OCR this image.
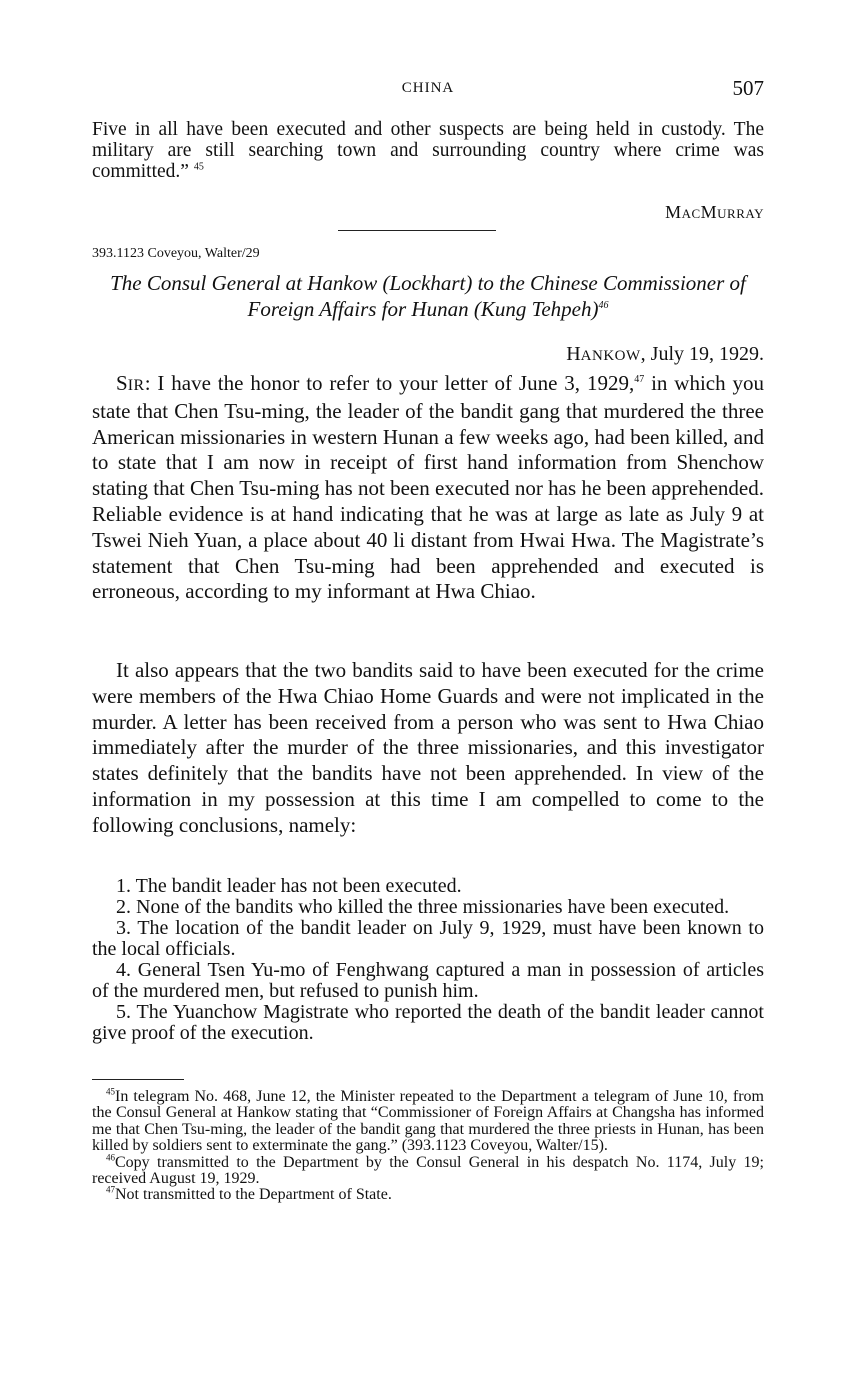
CHINA	507
Five in all have been executed and other suspects are being held in custody. The military are still searching town and surrounding country where crime was committed.” $^{45}$
MACMURRAY
393.1123 Coveyou, Walter/29
The Consul General at Hankow (Lockhart) to the Chinese Commissioner of Foreign Affairs for Hunan (Kung Tehpeh)$^{46}$
HANKOW, July 19, 1929.
SIR: I have the honor to refer to your letter of June 3, 1929,47 in which you state that Chen Tsu-ming, the leader of the bandit gang that murdered the three American missionaries in western Hunan a few weeks ago, had been killed, and to state that I am now in receipt of first hand information from Shenchow stating that Chen Tsu-ming has not been executed nor has he been apprehended. Reliable evidence is at hand indicating that he was at large as late as July 9 at Tswei Nieh Yuan, a place about 40 li distant from Hwai Hwa. The Magistrate’s statement that Chen Tsu-ming had been apprehended and executed is erroneous, according to my informant at Hwa Chiao.
It also appears that the two bandits said to have been executed for the crime were members of the Hwa Chiao Home Guards and were not implicated in the murder. A letter has been received from a person who was sent to Hwa Chiao immediately after the murder of the three missionaries, and this investigator states definitely that the bandits have not been apprehended. In view of the information in my possession at this time I am compelled to come to the following conclusions, namely:
1. The bandit leader has not been executed.
2. None of the bandits who killed the three missionaries have been executed.
3. The location of the bandit leader on July 9, 1929, must have been known to the local officials.
4. General Tsen Yu-mo of Fenghwang captured a man in possession of articles of the murdered men, but refused to punish him.
5. The Yuanchow Magistrate who reported the death of the bandit leader cannot give proof of the execution.
$^{45}$In telegram No. 468, June 12, the Minister repeated to the Department a telegram of June 10, from the Consul General at Hankow stating that “Commissioner of Foreign Affairs at Changsha has informed me that Chen Tsu-ming, the leader of the bandit gang that murdered the three priests in Hunan, has been killed by soldiers sent to exterminate the gang.” (393.1123 Coveyou, Walter/15).
$^{46}$Copy transmitted to the Department by the Consul General in his despatch No. 1174, July 19; received August 19, 1929.
$^{47}$Not transmitted to the Department of State.
